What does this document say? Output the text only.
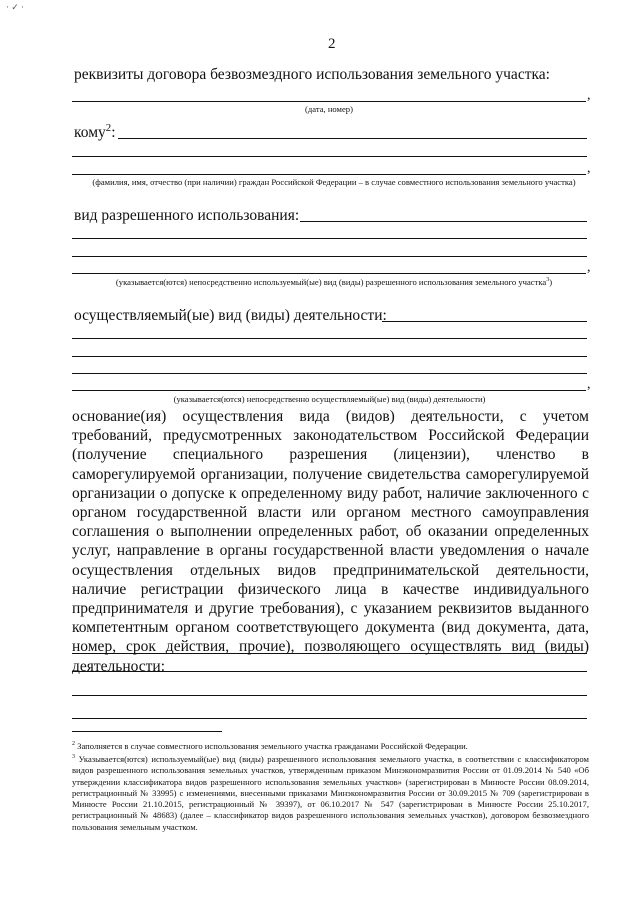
· ✓ ·
2
реквизиты договора безвозмездного использования земельного участка:
,
(дата, номер)
кому$^2$:
,
(фамилия, имя, отчество (при наличии) граждан Российской Федерации – в случае совместного использования земельного участка)
вид разрешенного использования:
,
(указывается(ются) непосредственно используемый(ые) вид (виды) разрешенного использования земельного участка$^3$)
осуществляемый(ые) вид (виды) деятельности:
,
(указывается(ются) непосредственно осуществляемый(ые) вид (виды) деятельности)
основание(ия) осуществления вида (видов) деятельности, с учетом требований, предусмотренных законодательством Российской Федерации (получение специального разрешения (лицензии), членство в саморегулируемой организации, получение свидетельства саморегулируемой организации о допуске к определенному виду работ, наличие заключенного с органом государственной власти или органом местного самоуправления соглашения о выполнении определенных работ, об оказании определенных услуг, направление в органы государственной власти уведомления о начале осуществления отдельных видов предпринимательской деятельности, наличие регистрации физического лица в качестве индивидуального предпринимателя и другие требования), с указанием реквизитов выданного компетентным органом соответствующего документа (вид документа, дата, номер, срок действия, прочие), позволяющего осуществлять вид (виды) деятельности:
$^2$ Заполняется в случае совместного использования земельного участка гражданами Российской Федерации.
$^3$ Указывается(ются) используемый(ые) вид (виды) разрешенного использования земельного участка, в соответствии с классификатором видов разрешенного использования земельных участков, утвержденным приказом Минэкономразвития России от 01.09.2014 № 540 «Об утверждении классификатора видов разрешенного использования земельных участков» (зарегистрирован в Минюсте России 08.09.2014, регистрационный № 33995) с изменениями, внесенными приказами Минэкономразвития России от 30.09.2015 № 709 (зарегистрирован в Минюсте России 21.10.2015, регистрационный № 39397), от 06.10.2017 № 547 (зарегистрирован в Минюсте России 25.10.2017, регистрационный № 48683) (далее – классификатор видов разрешенного использования земельных участков), договором безвозмездного пользования земельным участком.
